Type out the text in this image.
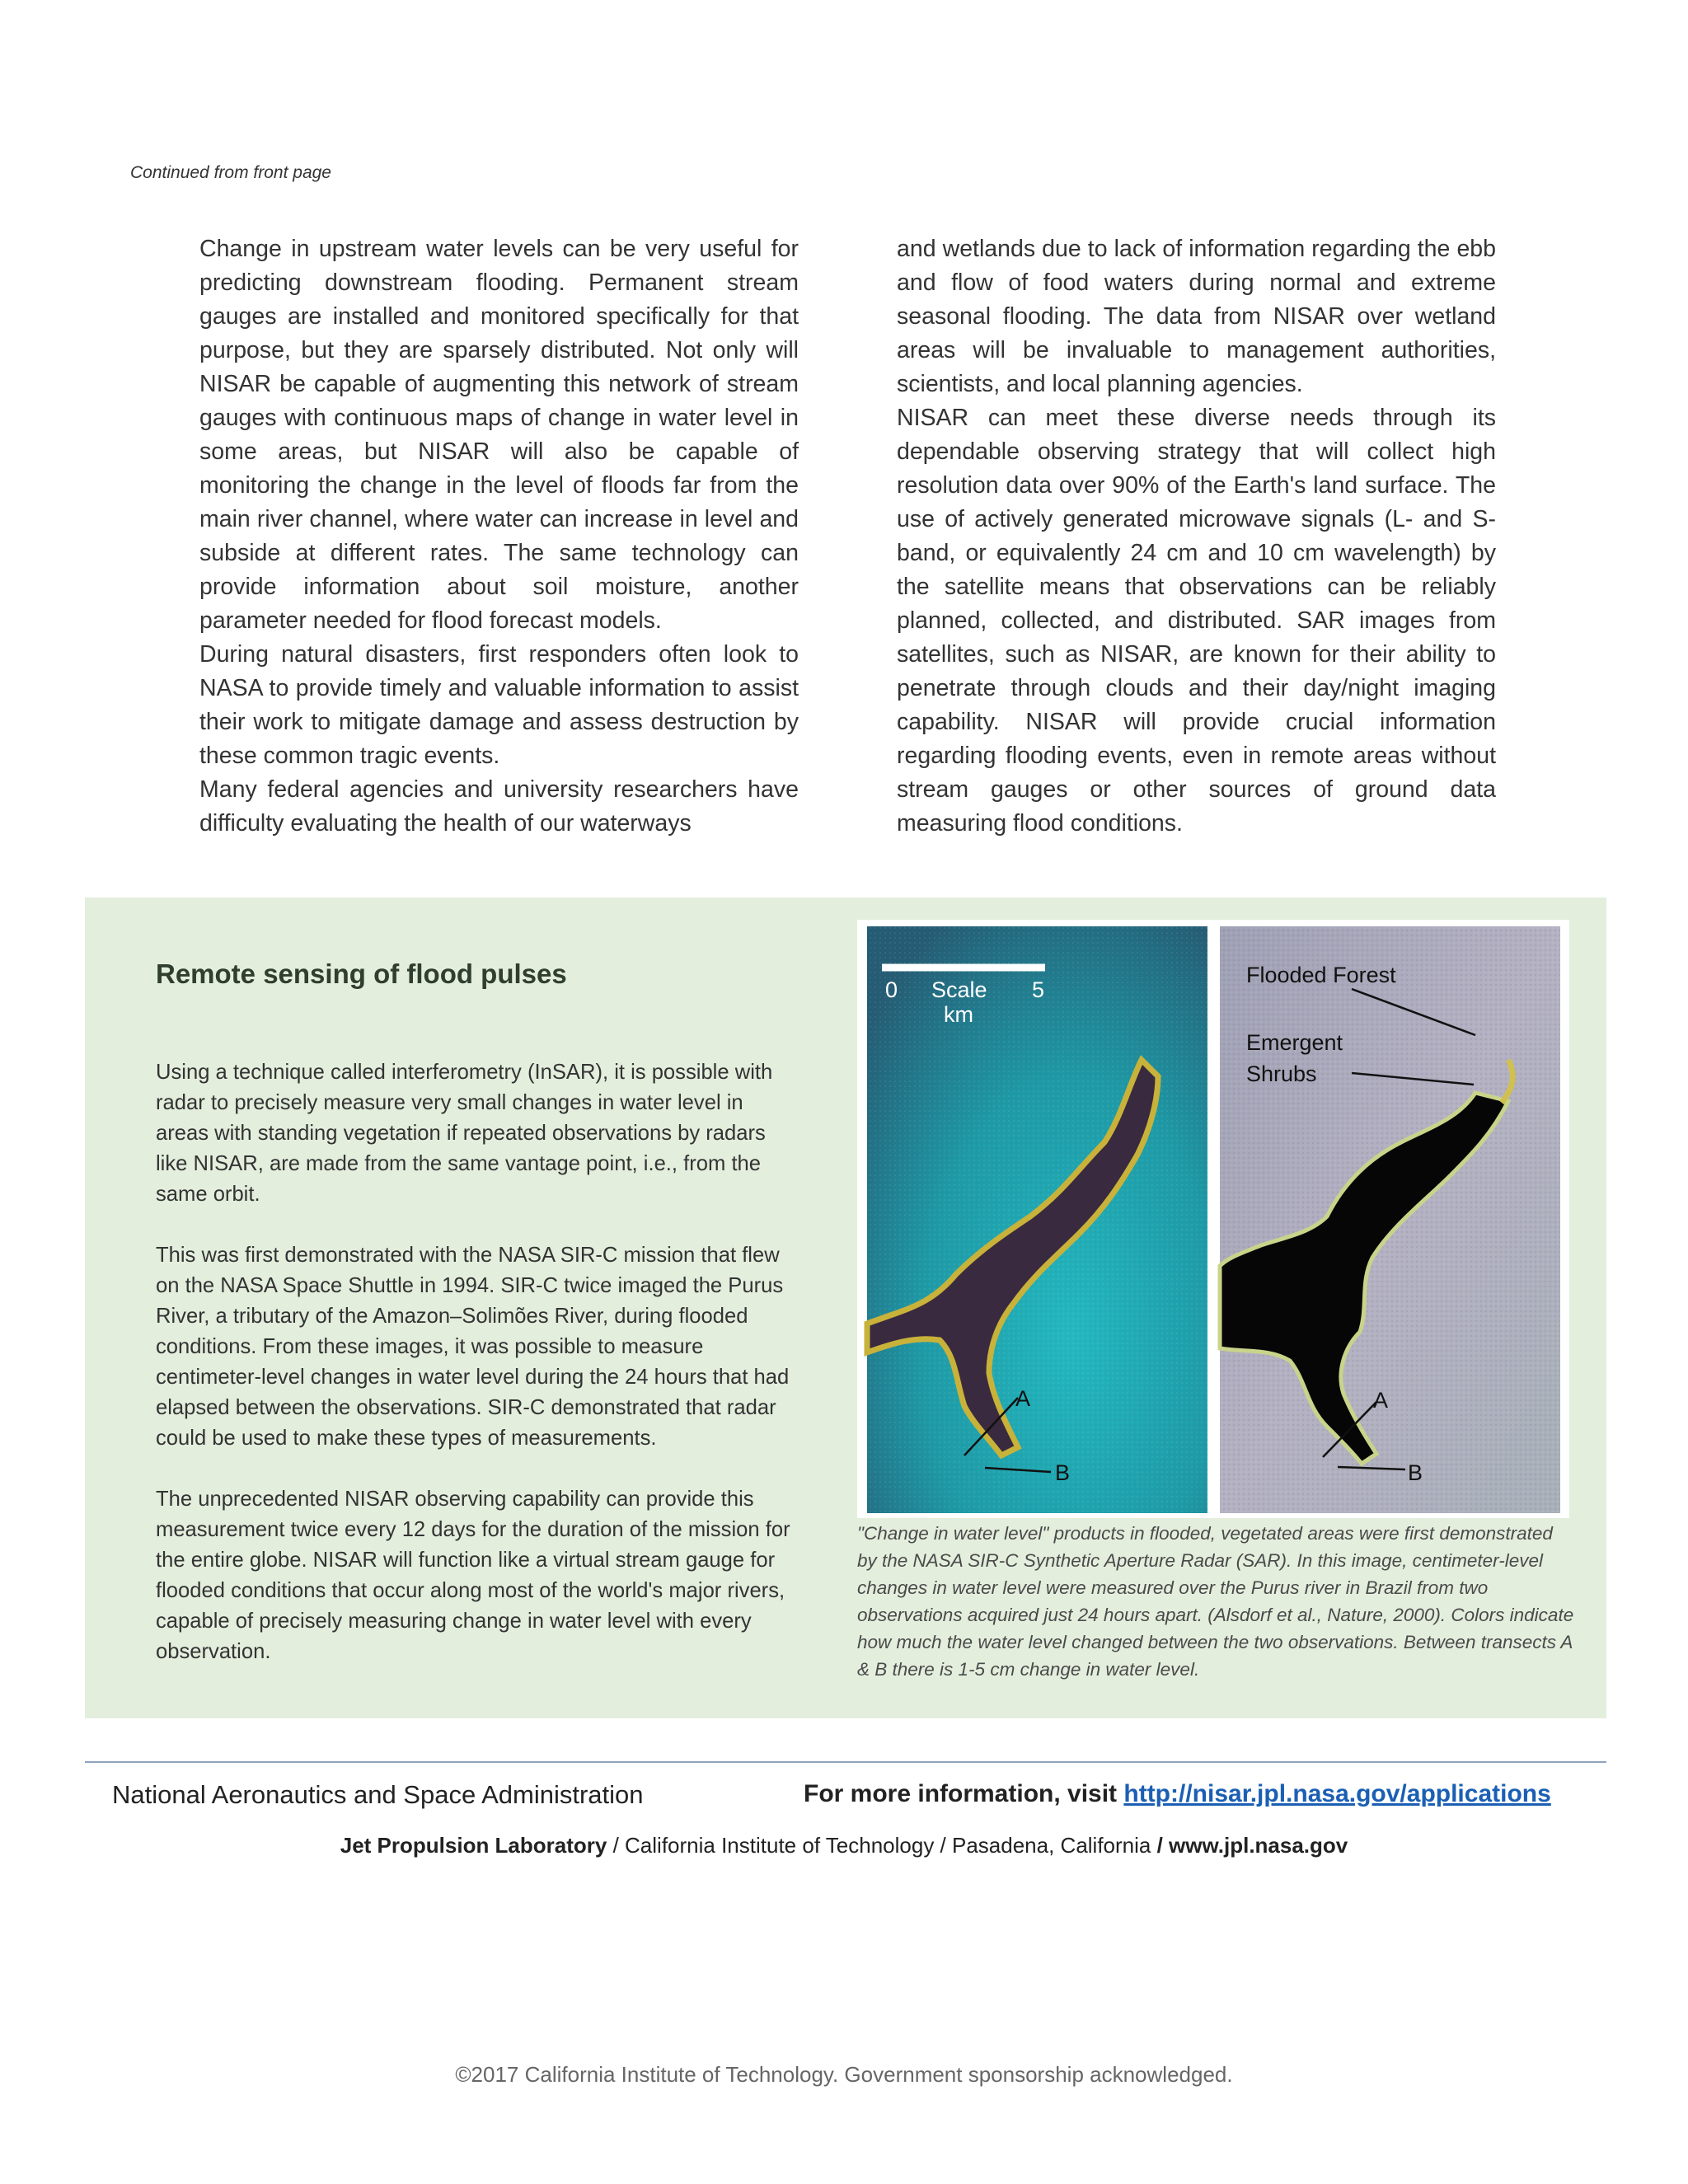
Continued from front page

Change in upstream water levels can be very useful for predicting downstream flooding. Permanent stream gauges are installed and monitored specifically for that purpose, but they are sparsely distributed. Not only will NISAR be capable of augmenting this network of stream gauges with continuous maps of change in water level in some areas, but NISAR will also be capable of monitoring the change in the level of floods far from the main river channel, where water can increase in level and subside at different rates. The same technology can provide information about soil moisture, another parameter needed for flood forecast models.

During natural disasters, first responders often look to NASA to provide timely and valuable information to assist their work to mitigate damage and assess destruction by these common tragic events.

Many federal agencies and university researchers have difficulty evaluating the health of our waterways

and wetlands due to lack of information regarding the ebb and flow of food waters during normal and extreme seasonal flooding. The data from NISAR over wetland areas will be invaluable to management authorities, scientists, and local planning agencies.

NISAR can meet these diverse needs through its dependable observing strategy that will collect high resolution data over 90% of the Earth's land surface. The use of actively generated microwave signals (L- and S-band, or equivalently 24 cm and 10 cm wavelength) by the satellite means that observations can be reliably planned, collected, and distributed. SAR images from satellites, such as NISAR, are known for their ability to penetrate through clouds and their day/night imaging capability. NISAR will provide crucial information regarding flooding events, even in remote areas without stream gauges or other sources of ground data measuring flood conditions.

Remote sensing of flood pulses

Using a technique called interferometry (InSAR), it is possible with radar to precisely measure very small changes in water level in areas with standing vegetation if repeated observations by radars like NISAR, are made from the same vantage point, i.e., from the same orbit.

This was first demonstrated with the NASA SIR-C mission that flew on the NASA Space Shuttle in 1994. SIR-C twice imaged the Purus River, a tributary of the Amazon–Solimões River, during flooded conditions. From these images, it was possible to measure centimeter-level changes in water level during the 24 hours that had elapsed between the observations. SIR-C demonstrated that radar could be used to make these types of measurements.

The unprecedented NISAR observing capability can provide this measurement twice every 12 days for the duration of the mission for the entire globe. NISAR will function like a virtual stream gauge for flooded conditions that occur along most of the world's major rivers, capable of precisely measuring change in water level with every observation.

0 Scale 5
km
A
B
Flooded Forest
Emergent
Shrubs
A
B
"Change in water level" products in flooded, vegetated areas were first demonstrated by the NASA SIR-C Synthetic Aperture Radar (SAR). In this image, centimeter-level changes in water level were measured over the Purus river in Brazil from two observations acquired just 24 hours apart. (Alsdorf et al., Nature, 2000). Colors indicate how much the water level changed between the two observations. Between transects A & B there is 1-5 cm change in water level.
National Aeronautics and Space Administration	For more information, visit http://nisar.jpl.nasa.gov/applications
Jet Propulsion Laboratory / California Institute of Technology / Pasadena, California / www.jpl.nasa.gov
©2017 California Institute of Technology. Government sponsorship acknowledged.
